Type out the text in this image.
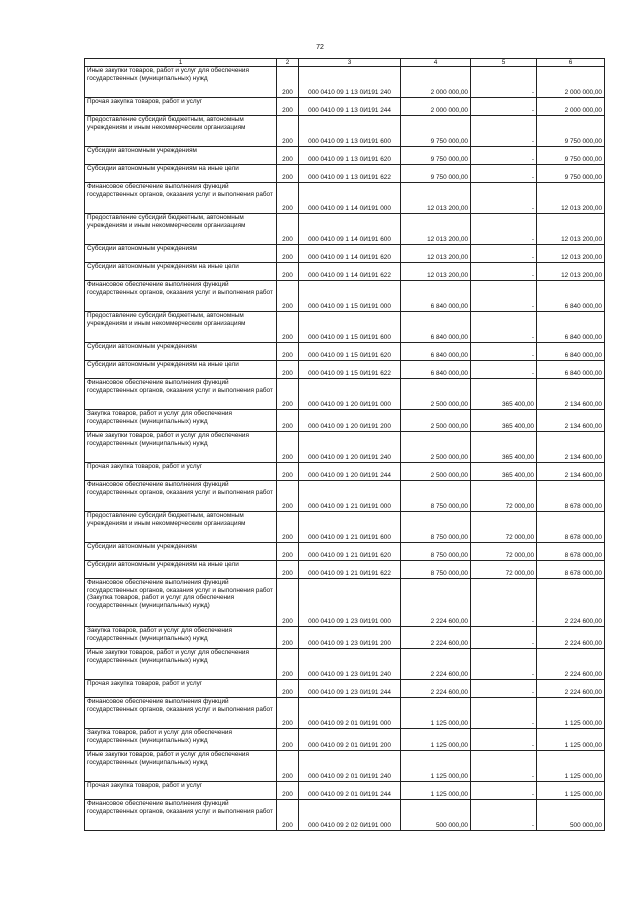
72
1	2	3	4	5	6
Иные закупки товаров, работ и услуг для обеспечения государственных (муниципальных) нужд	200	000 0410 09 1 13 0И191 240	2 000 000,00	-	2 000 000,00
Прочая закупка товаров, работ и услуг	200	000 0410 09 1 13 0И191 244	2 000 000,00	-	2 000 000,00
Предоставление субсидий бюджетным, автономным учреждениям и иным некоммерческим организациям	200	000 0410 09 1 13 0И191 600	9 750 000,00	-	9 750 000,00
Субсидии автономным учреждениям	200	000 0410 09 1 13 0И191 620	9 750 000,00	-	9 750 000,00
Субсидии автономным учреждениям на иные цели	200	000 0410 09 1 13 0И191 622	9 750 000,00	-	9 750 000,00
Финансовое обеспечение выполнения функций государственных органов, оказания услуг и выполнения работ	200	000 0410 09 1 14 0И191 000	12 013 200,00	-	12 013 200,00
Предоставление субсидий бюджетным, автономным учреждениям и иным некоммерческим организациям	200	000 0410 09 1 14 0И191 600	12 013 200,00	-	12 013 200,00
Субсидии автономным учреждениям	200	000 0410 09 1 14 0И191 620	12 013 200,00	-	12 013 200,00
Субсидии автономным учреждениям на иные цели	200	000 0410 09 1 14 0И191 622	12 013 200,00	-	12 013 200,00
Финансовое обеспечение выполнения функций государственных органов, оказания услуг и выполнения работ	200	000 0410 09 1 15 0И191 000	6 840 000,00	-	6 840 000,00
Предоставление субсидий бюджетным, автономным учреждениям и иным некоммерческим организациям	200	000 0410 09 1 15 0И191 600	6 840 000,00	-	6 840 000,00
Субсидии автономным учреждениям	200	000 0410 09 1 15 0И191 620	6 840 000,00	-	6 840 000,00
Субсидии автономным учреждениям на иные цели	200	000 0410 09 1 15 0И191 622	6 840 000,00	-	6 840 000,00
Финансовое обеспечение выполнения функций государственных органов, оказания услуг и выполнения работ	200	000 0410 09 1 20 0И191 000	2 500 000,00	365 400,00	2 134 600,00
Закупка товаров, работ и услуг для обеспечения государственных (муниципальных) нужд	200	000 0410 09 1 20 0И191 200	2 500 000,00	365 400,00	2 134 600,00
Иные закупки товаров, работ и услуг для обеспечения государственных (муниципальных) нужд	200	000 0410 09 1 20 0И191 240	2 500 000,00	365 400,00	2 134 600,00
Прочая закупка товаров, работ и услуг	200	000 0410 09 1 20 0И191 244	2 500 000,00	365 400,00	2 134 600,00
Финансовое обеспечение выполнения функций государственных органов, оказания услуг и выполнения работ	200	000 0410 09 1 21 0И191 000	8 750 000,00	72 000,00	8 678 000,00
Предоставление субсидий бюджетным, автономным учреждениям и иным некоммерческим организациям	200	000 0410 09 1 21 0И191 600	8 750 000,00	72 000,00	8 678 000,00
Субсидии автономным учреждениям	200	000 0410 09 1 21 0И191 620	8 750 000,00	72 000,00	8 678 000,00
Субсидии автономным учреждениям на иные цели	200	000 0410 09 1 21 0И191 622	8 750 000,00	72 000,00	8 678 000,00
Финансовое обеспечение выполнения функций государственных органов, оказания услуг и выполнения работ (Закупка товаров, работ и услуг для обеспечения государственных (муниципальных) нужд)	200	000 0410 09 1 23 0И191 000	2 224 600,00	-	2 224 600,00
Закупка товаров, работ и услуг для обеспечения государственных (муниципальных) нужд	200	000 0410 09 1 23 0И191 200	2 224 600,00	-	2 224 600,00
Иные закупки товаров, работ и услуг для обеспечения государственных (муниципальных) нужд	200	000 0410 09 1 23 0И191 240	2 224 600,00	-	2 224 600,00
Прочая закупка товаров, работ и услуг	200	000 0410 09 1 23 0И191 244	2 224 600,00	-	2 224 600,00
Финансовое обеспечение выполнения функций государственных органов, оказания услуг и выполнения работ	200	000 0410 09 2 01 0И191 000	1 125 000,00	-	1 125 000,00
Закупка товаров, работ и услуг для обеспечения государственных (муниципальных) нужд	200	000 0410 09 2 01 0И191 200	1 125 000,00	-	1 125 000,00
Иные закупки товаров, работ и услуг для обеспечения государственных (муниципальных) нужд	200	000 0410 09 2 01 0И191 240	1 125 000,00	-	1 125 000,00
Прочая закупка товаров, работ и услуг	200	000 0410 09 2 01 0И191 244	1 125 000,00	-	1 125 000,00
Финансовое обеспечение выполнения функций государственных органов, оказания услуг и выполнения работ	200	000 0410 09 2 02 0И191 000	500 000,00	-	500 000,00
